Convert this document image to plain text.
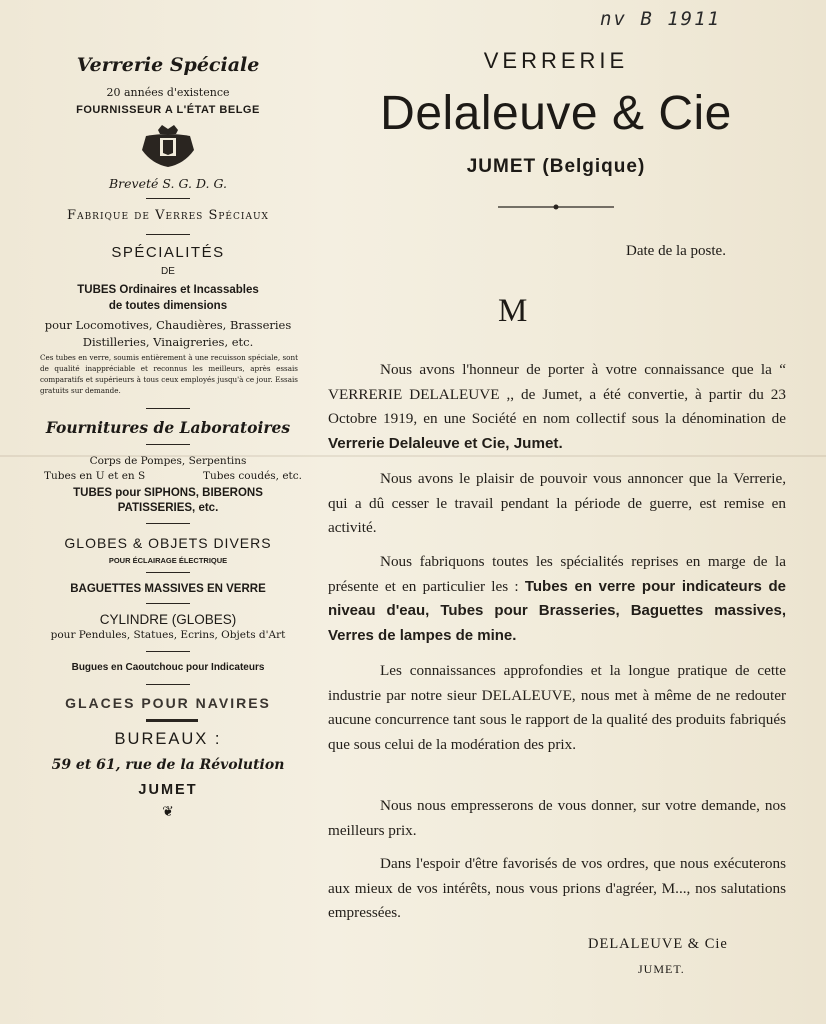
nv B 1911
Verrerie Spéciale
20 années d'existence
FOURNISSEUR A L'ÉTAT BELGE
Breveté S. G. D. G.
Fabrique de Verres Spéciaux
SPÉCIALITÉS
DE
TUBES Ordinaires et Incassables
de toutes dimensions
pour Locomotives, Chaudières, Brasseries
Distilleries, Vinaigreries, etc.
Ces tubes en verre, soumis entièrement à une recuisson spéciale, sont de qualité inappréciable et reconnus les meilleurs, après essais comparatifs et supérieurs à tous ceux employés jusqu'à ce jour. Essais gratuits sur demande.
Fournitures de Laboratoires
Corps de Pompes, Serpentins
Tubes en U et en S	Tubes coudés, etc.
TUBES pour SIPHONS, BIBERONS
PATISSERIES, etc.
GLOBES & OBJETS DIVERS
POUR ÉCLAIRAGE ÉLECTRIQUE
BAGUETTES MASSIVES EN VERRE
CYLINDRE (GLOBES)
pour Pendules, Statues, Ecrins, Objets d'Art
Bugues en Caoutchouc pour Indicateurs
GLACES POUR NAVIRES
BUREAUX :
59 et 61, rue de la Révolution
JUMET
❦
VERRERIE
Delaleuve & Cie
JUMET (Belgique)
Date de la poste.
M

Nous avons l'honneur de porter à votre connaissance que la “ VERRERIE DELALEUVE ,, de Jumet, a été convertie, à partir du 23 Octobre 1919, en une Société en nom collectif sous la dénomination de Verrerie Delaleuve et Cie, Jumet.

Nous avons le plaisir de pouvoir vous annoncer que la Verrerie, qui a dû cesser le travail pendant la période de guerre, est remise en activité.

Nous fabriquons toutes les spécialités reprises en marge de la présente et en particulier les : Tubes en verre pour indicateurs de niveau d'eau, Tubes pour Brasseries, Baguettes massives, Verres de lampes de mine.

Les connaissances approfondies et la longue pratique de cette industrie par notre sieur DELALEUVE, nous met à même de ne redouter aucune concurrence tant sous le rapport de la qualité des produits fabriqués que sous celui de la modération des prix.

Nous nous empresserons de vous donner, sur votre demande, nos meilleurs prix.

Dans l'espoir d'être favorisés de vos ordres, que nous exécuterons aux mieux de vos intérêts, nous vous prions d'agréer, M..., nos salutations empressées.

DELALEUVE & Cie
JUMET.
